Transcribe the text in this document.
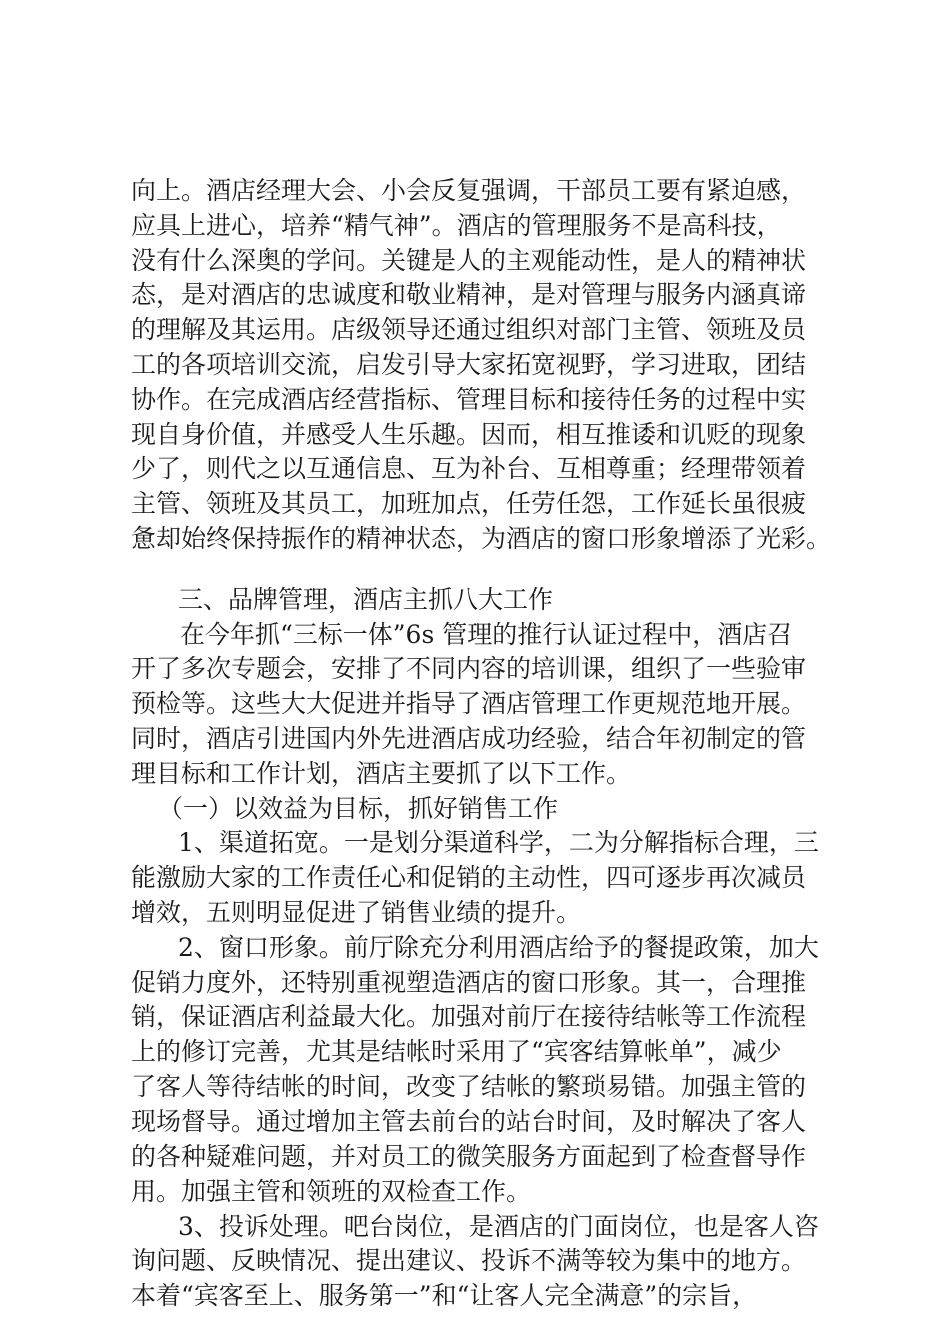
向上。酒店经理大会、小会反复强调，干部员工要有紧迫感，
应具上进心，培养“精气神”。酒店的管理服务不是高科技，
没有什么深奥的学问。关键是人的主观能动性，是人的精神状
态，是对酒店的忠诚度和敬业精神，是对管理与服务内涵真谛
的理解及其运用。店级领导还通过组织对部门主管、领班及员
工的各项培训交流，启发引导大家拓宽视野，学习进取，团结
协作。在完成酒店经营指标、管理目标和接待任务的过程中实
现自身价值，并感受人生乐趣。因而，相互推诿和讥贬的现象
少了，则代之以互通信息、互为补台、互相尊重；经理带领着
主管、领班及其员工，加班加点，任劳任怨，工作延长虽很疲
惫却始终保持振作的精神状态，为酒店的窗口形象增添了光彩。
三、品牌管理，酒店主抓八大工作
在今年抓“三标一体”6s 管理的推行认证过程中，酒店召
开了多次专题会，安排了不同内容的培训课，组织了一些验审
预检等。这些大大促进并指导了酒店管理工作更规范地开展。
同时，酒店引进国内外先进酒店成功经验，结合年初制定的管
理目标和工作计划，酒店主要抓了以下工作。
（一）以效益为目标，抓好销售工作
1、渠道拓宽。一是划分渠道科学，二为分解指标合理，三
能激励大家的工作责任心和促销的主动性，四可逐步再次减员
增效，五则明显促进了销售业绩的提升。
2、窗口形象。前厅除充分利用酒店给予的餐提政策，加大
促销力度外，还特别重视塑造酒店的窗口形象。其一，合理推
销，保证酒店利益最大化。加强对前厅在接待结帐等工作流程
上的修订完善，尤其是结帐时采用了“宾客结算帐单”，减少
了客人等待结帐的时间，改变了结帐的繁琐易错。加强主管的
现场督导。通过增加主管去前台的站台时间，及时解决了客人
的各种疑难问题，并对员工的微笑服务方面起到了检查督导作
用。加强主管和领班的双检查工作。
3、投诉处理。吧台岗位，是酒店的门面岗位，也是客人咨
询问题、反映情况、提出建议、投诉不满等较为集中的地方。
本着“宾客至上、服务第一”和“让客人完全满意”的宗旨，
